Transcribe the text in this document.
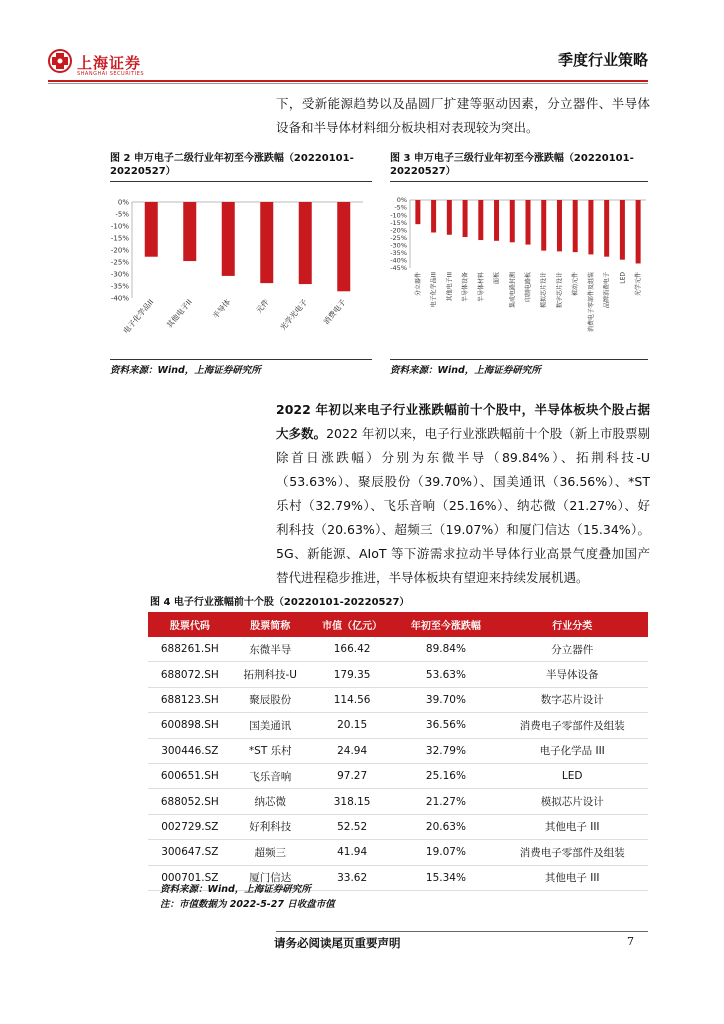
上海证券
SHANGHAI SECURITIES
季度行业策略
下，受新能源趋势以及晶圆厂扩建等驱动因素，分立器件、半导体设备和半导体材料细分板块相对表现较为突出。
图 2 申万电子二级行业年初至今涨跌幅（20220101-20220527）
0%
-5%
-10%
-15%
-20%
-25%
-30%
-35%
-40%
电子化学品II 其他电子II 半导体	元件 光学光电子 消费电子
资料来源：Wind，上海证券研究所
图 3 申万电子三级行业年初至今涨跌幅（20220101-20220527）
0%
-5%
-10%
-15%
-20%
-25%
-30%
-35%
-40%
-45%
分立器件 电子化学品III 其他电子III 半导体设备 半导体材料 面板 集成电路封测 印制电路板 模拟芯片设计 数字芯片设计 被动元件 消费电子零部件及组装 品牌消费电子 LED 光学元件
资料来源：Wind，上海证券研究所
2022 年初以来电子行业涨跌幅前十个股中，半导体板块个股占据大多数。2022 年初以来，电子行业涨跌幅前十个股（新上市股票剔除首日涨跌幅）分别为东微半导（89.84%）、拓荆科技-U（53.63%）、聚辰股份（39.70%）、国美通讯（36.56%）、*ST 乐村（32.79%）、飞乐音响（25.16%）、纳芯微（21.27%）、好利科技（20.63%）、超频三（19.07%）和厦门信达（15.34%）。5G、新能源、AIoT 等下游需求拉动半导体行业高景气度叠加国产替代进程稳步推进，半导体板块有望迎来持续发展机遇。
图 4 电子行业涨幅前十个股（20220101-20220527）
股票代码	股票简称	市值（亿元）	年初至今涨跌幅	行业分类
688261.SH	东微半导	166.42	89.84%	分立器件
688072.SH	拓荆科技-U	179.35	53.63%	半导体设备
688123.SH	聚辰股份	114.56	39.70%	数字芯片设计
600898.SH	国美通讯	20.15	36.56%	消费电子零部件及组装
300446.SZ	*ST 乐村	24.94	32.79%	电子化学品 III
600651.SH	飞乐音响	97.27	25.16%	LED
688052.SH	纳芯微	318.15	21.27%	模拟芯片设计
002729.SZ	好利科技	52.52	20.63%	其他电子 III
300647.SZ	超频三	41.94	19.07%	消费电子零部件及组装
000701.SZ	厦门信达	33.62	15.34%	其他电子 III
资料来源：Wind，上海证券研究所
注：市值数据为 2022-5-27 日收盘市值
请务必阅读尾页重要声明	7
